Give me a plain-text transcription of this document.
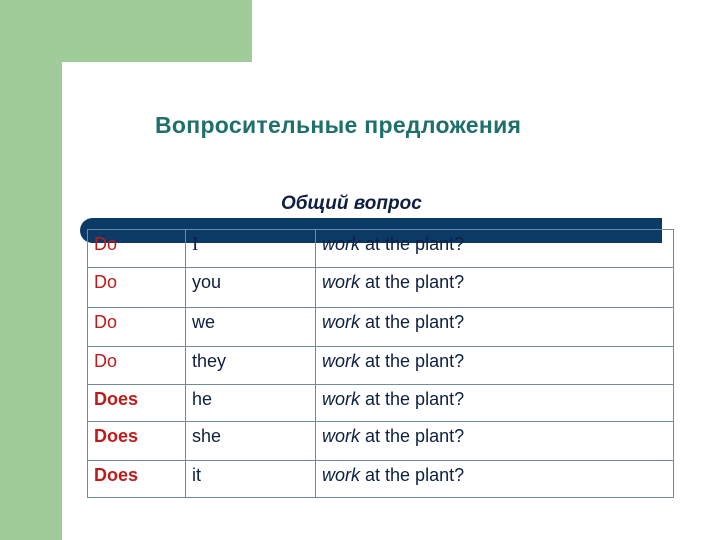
Вопросительные предложения
Общий вопрос
Do	I	work at the plant?
Do	you	work at the plant?
Do	we	work at the plant?
Do	they	work at the plant?
Does	he	work at the plant?
Does	she	work at the plant?
Does	it	work at the plant?
